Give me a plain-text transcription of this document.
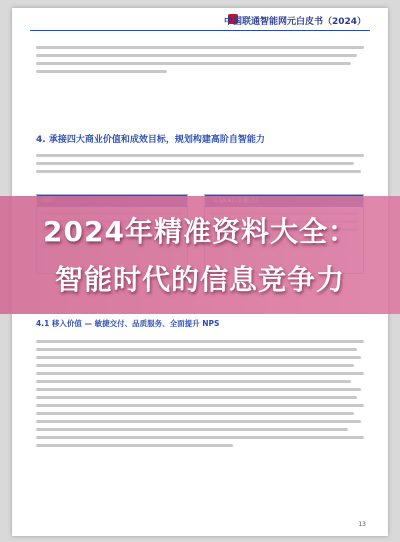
中国联通智能网元白皮书（2024）
4. 承接四大商业价值和成效目标，规划构建高阶自智能力
4.1 移入价值 — 敏捷交付、品质服务、全面提升 NPS
13
2024年精准资料大全：
智能时代的信息竞争力
